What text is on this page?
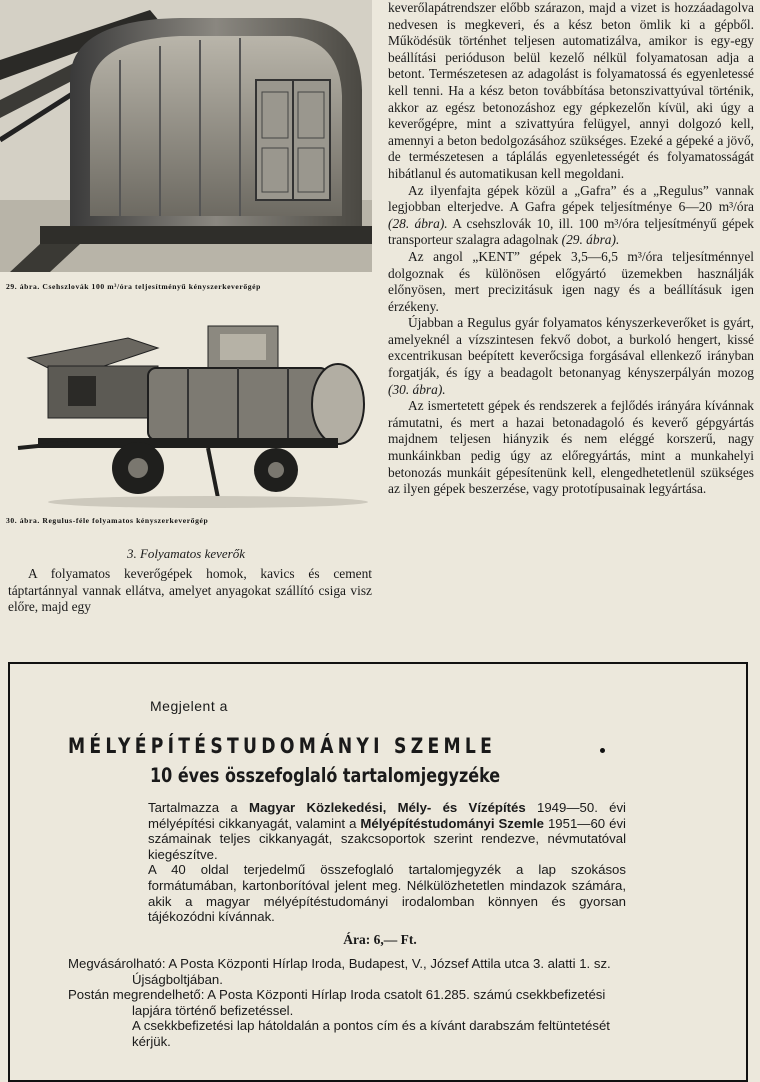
29. ábra. Csehszlovák 100 m³/óra teljesítményű kényszerkeverőgép
30. ábra. Regulus-féle folyamatos kényszerkeverőgép
3. Folyamatos keverők

A folyamatos keverőgépek homok, kavics és cement táptartánnyal vannak ellátva, amelyet anyagokat szállító csiga visz előre, majd egy

keverőlapátrendszer előbb szárazon, majd a vizet is hozzáadagolva nedvesen is megkeveri, és a kész beton ömlik ki a gépből. Működésük történhet teljesen automatizálva, amikor is egy-egy beállítási perióduson belül kezelő nélkül folyamatosan adja a betont. Természetesen az adagolást is folyamatossá és egyenletessé kell tenni. Ha a kész beton továbbítása betonszivattyúval történik, akkor az egész betonozáshoz egy gépkezelőn kívül, aki úgy a keverőgépre, mint a szivattyúra felügyel, annyi dolgozó kell, amennyi a beton bedolgozásához szükséges. Ezeké a gépeké a jövő, de természetesen a táplálás egyenletességét és folyamatosságát hibátlanul és automatikusan kell megoldani.

Az ilyenfajta gépek közül a „Gafra” és a „Regulus” vannak legjobban elterjedve. A Gafra gépek teljesítménye 6—20 m³/óra (28. ábra). A csehszlovák 10, ill. 100 m³/óra teljesítményű gépek transporteur szalagra adagolnak (29. ábra).

Az angol „KENT” gépek 3,5—6,5 m³/óra teljesítménnyel dolgoznak és különösen előgyártó üzemekben használják előnyösen, mert precizitásuk igen nagy és a beállításuk igen érzékeny.

Újabban a Regulus gyár folyamatos kényszerkeverőket is gyárt, amelyeknél a vízszintesen fekvő dobot, a burkoló hengert, kissé excentrikusan beépített keverőcsiga forgásával ellenkező irányban forgatják, és így a beadagolt betonanyag kényszerpályán mozog (30. ábra).

Az ismertetett gépek és rendszerek a fejlődés irányára kívánnak rámutatni, és mert a hazai betonadagoló és keverő gépgyártás majdnem teljesen hiányzik és nem eléggé korszerű, nagy munkáinkban pedig úgy az előregyártás, mint a munkahelyi betonozás munkáit gépesítenünk kell, elengedhetetlenül szükséges az ilyen gépek beszerzése, vagy prototípusainak legyártása.

Megjelent a
MÉLYÉPÍTÉSTUDOMÁNYI SZEMLE
10 éves összefoglaló tartalomjegyzéke

Tartalmazza a Magyar Közlekedési, Mély- és Vízépítés 1949—50. évi mélyépítési cikkanyagát, valamint a Mélyépítéstudományi Szemle 1951—60 évi számainak teljes cikkanyagát, szakcsoportok szerint rendezve, névmutatóval kiegészítve.

A 40 oldal terjedelmű összefoglaló tartalomjegyzék a lap szokásos formátumában, kartonborítóval jelent meg. Nélkülözhetetlen mindazok számára, akik a magyar mélyépítéstudományi irodalomban könnyen és gyorsan tájékozódni kívánnak.

Ára: 6,— Ft.

Megvásárolható: A Posta Központi Hírlap Iroda, Budapest, V., József Attila utca 3. alatti 1. sz. Újságboltjában.

Postán megrendelhető: A Posta Központi Hírlap Iroda csatolt 61.285. számú csekkbefizetési lapjára történő befizetéssel.

A csekkbefizetési lap hátoldalán a pontos cím és a kívánt darabszám feltüntetését kérjük.
